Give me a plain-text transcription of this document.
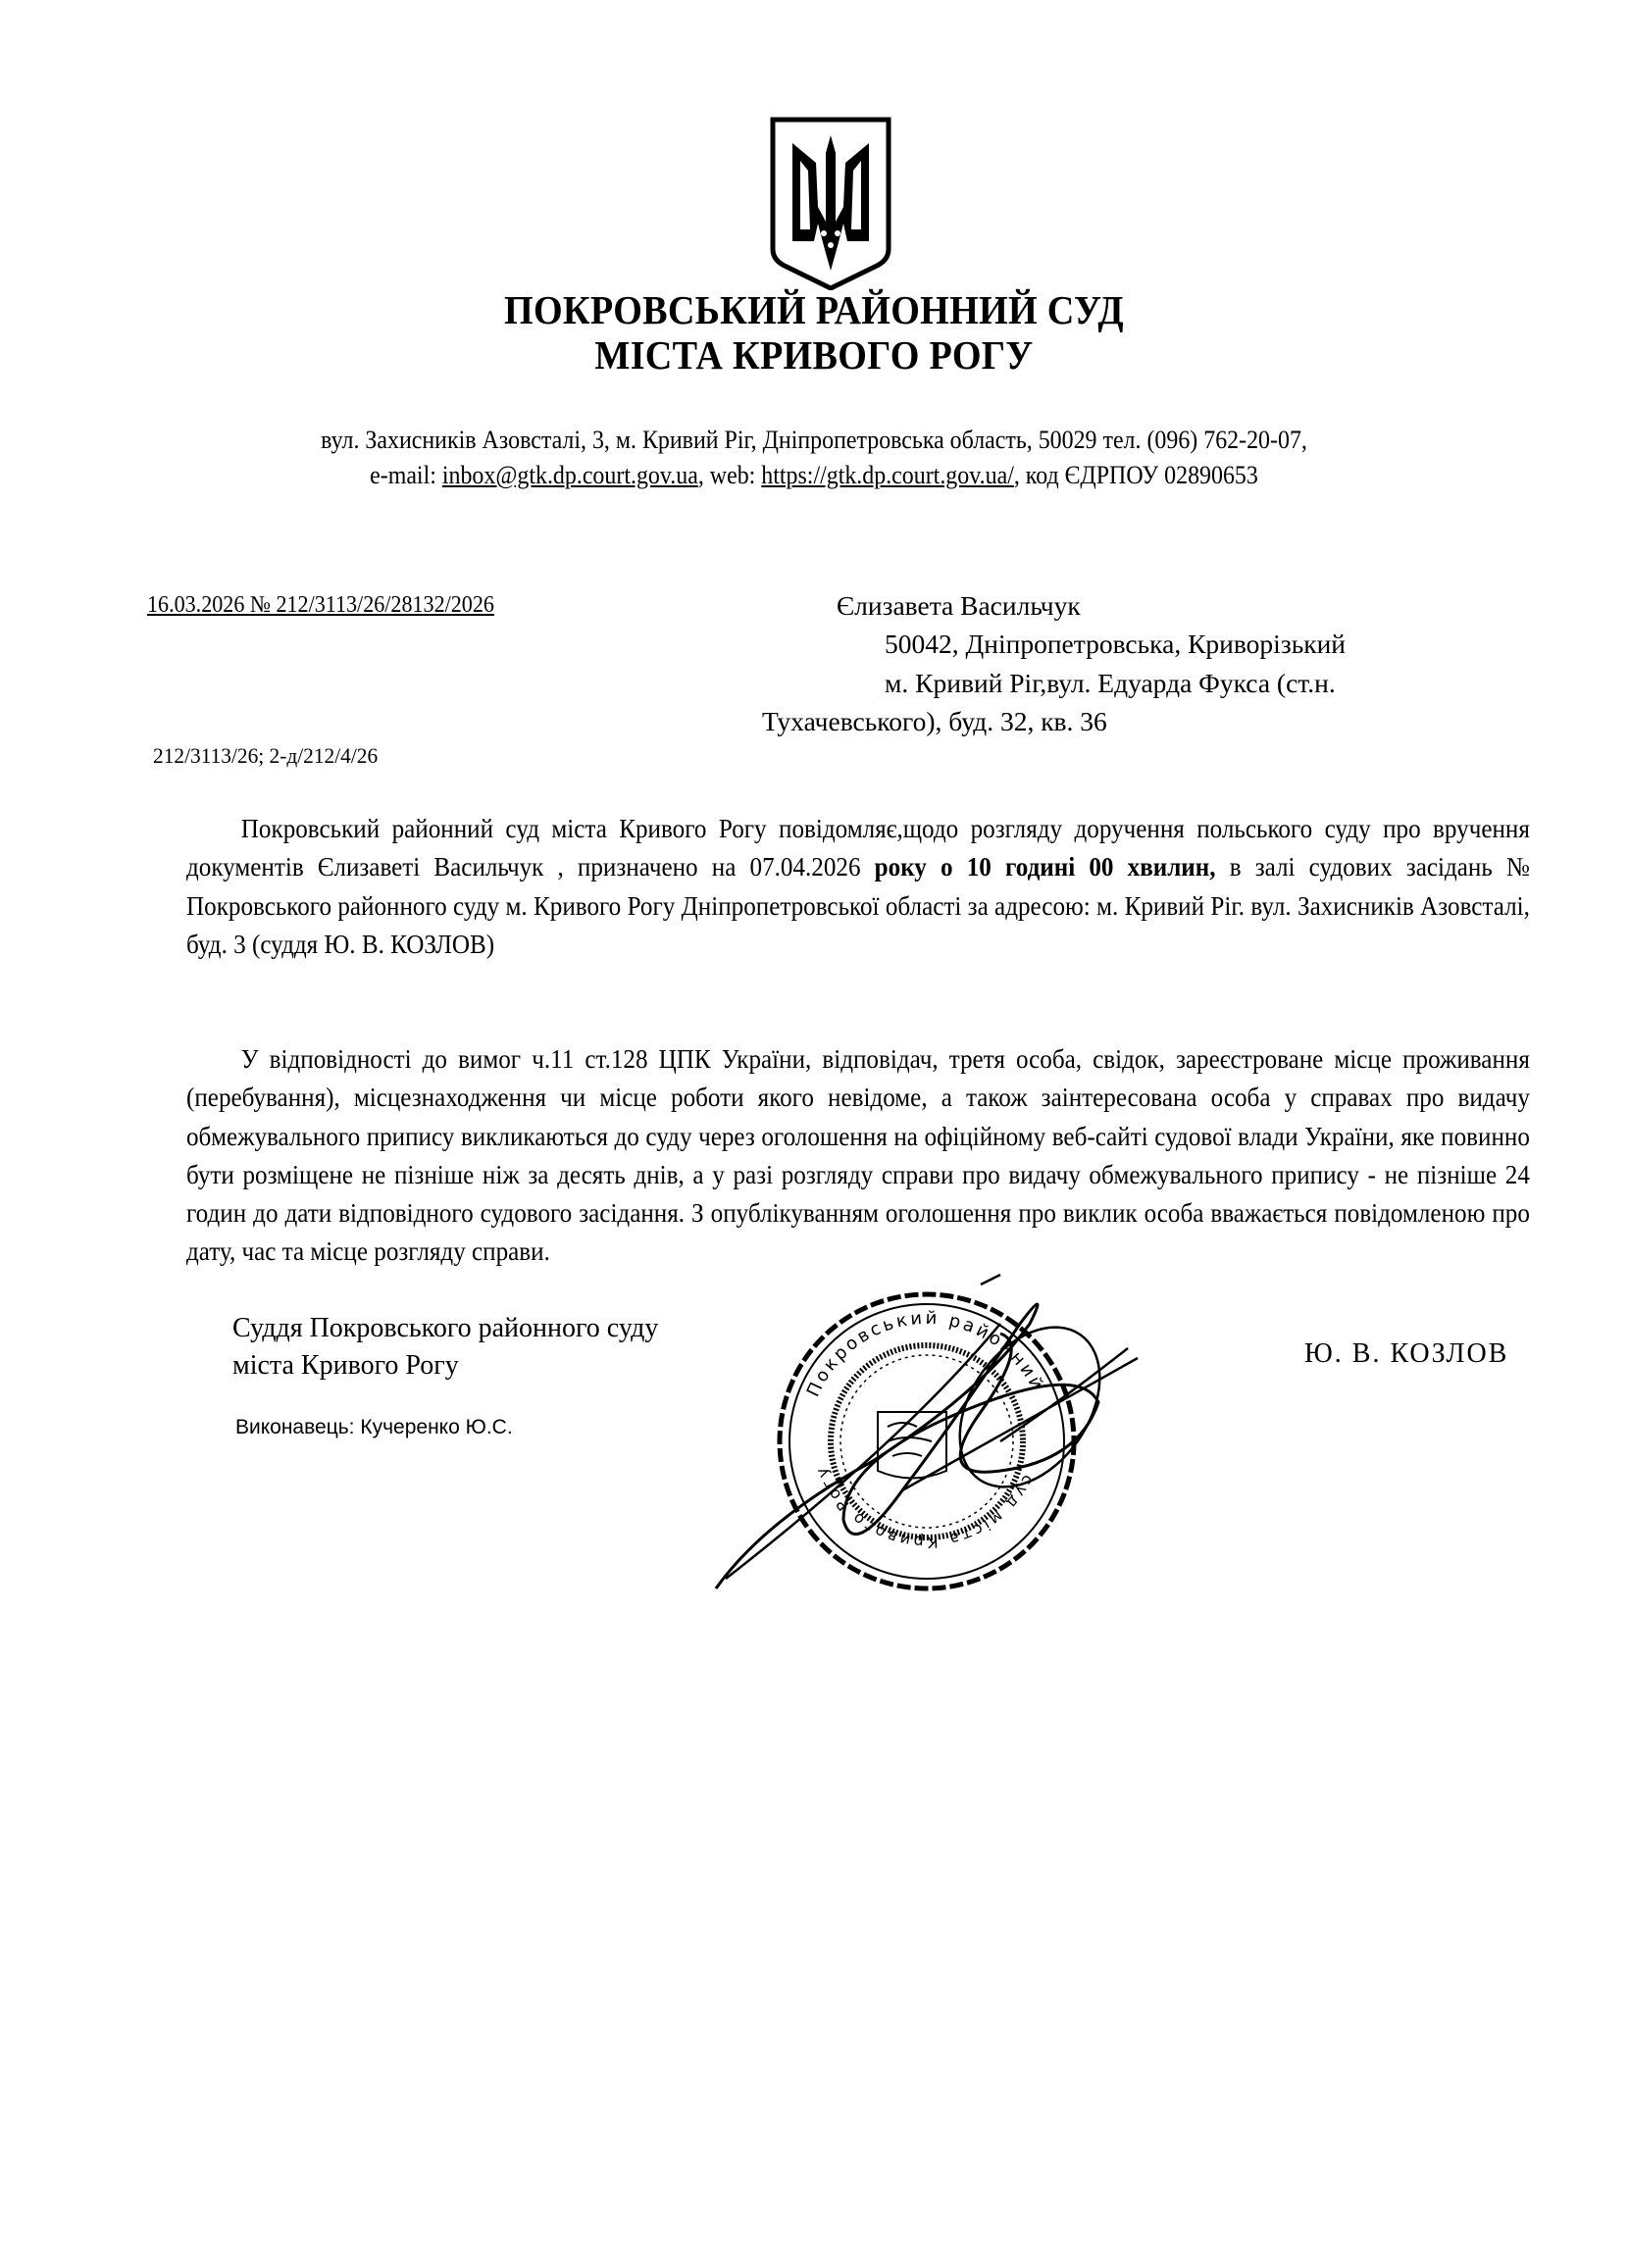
ПОКРОВСЬКИЙ РАЙОННИЙ СУД
МІСТА КРИВОГО РОГУ
вул. Захисників Азовсталі, 3, м. Кривий Ріг, Дніпропетровська область, 50029 тел. (096) 762-20-07,
e-mail: inbox@gtk.dp.court.gov.ua, web: https://gtk.dp.court.gov.ua/, код ЄДРПОУ 02890653
16.03.2026 № 212/3113/26/28132/2026	Єлизавета Васильчук
50042, Дніпропетровська, Криворізький
м. Кривий Ріг,вул. Едуарда Фукса (ст.н.
Тухачевського), буд. 32, кв. 36
212/3113/26; 2-д/212/4/26
Покровський районний суд міста Кривого Рогу повідомляє,щодо розгляду доручення польського суду про вручення документів Єлизаветі Васильчук , призначено на 07.04.2026 року о 10 годині 00 хвилин, в залі судових засідань № Покровського районного суду м. Кривого Рогу Дніпропетровської області за адресою: м. Кривий Ріг. вул. Захисників Азовсталі, буд. 3 (суддя Ю. В. КОЗЛОВ)
У відповідності до вимог ч.11 ст.128 ЦПК України, відповідач, третя особа, свідок, зареєстроване місце проживання (перебування), місцезнаходження чи місце роботи якого невідоме, а також заінтересована особа у справах про видачу обмежувального припису викликаються до суду через оголошення на офіційному веб-сайті судової влади України, яке повинно бути розміщене не пізніше ніж за десять днів, а у разі розгляду справи про видачу обмежувального припису - не пізніше 24 годин до дати відповідного судового засідання. З опублікуванням оголошення про виклик особа вважається повідомленою про дату, час та місце розгляду справи.
Суддя Покровського районного суду
міста Кривого Рогу
Виконавець: Кучеренко Ю.С.
Ю. В. КОЗЛОВ
Покровський районний
суд міста Кривого Рогу
